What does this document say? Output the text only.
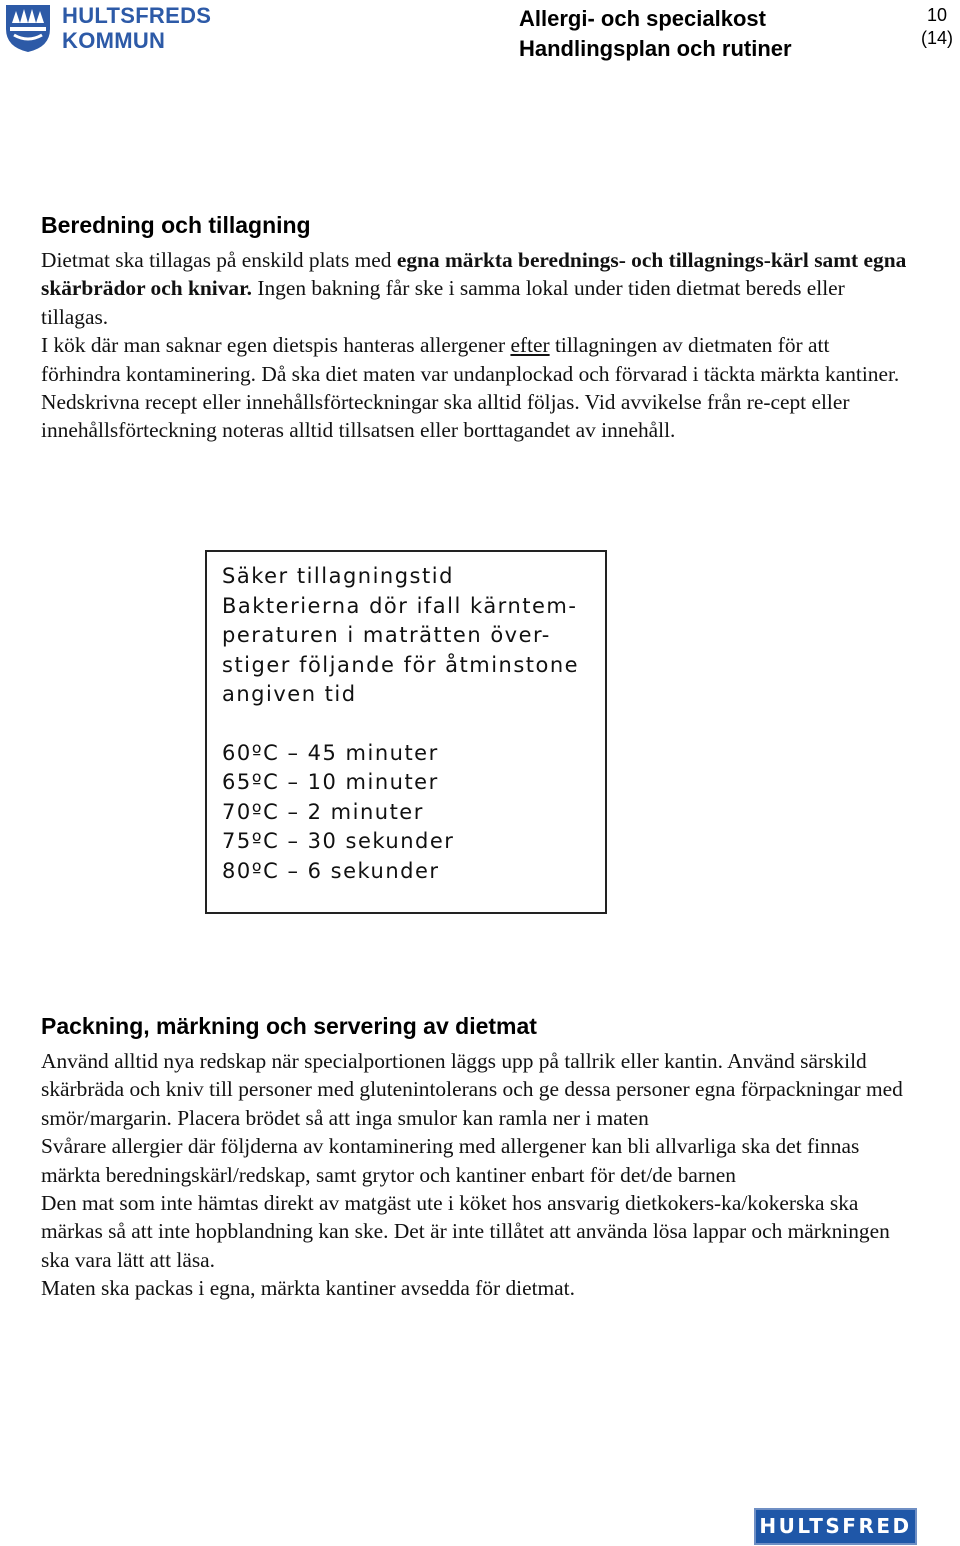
HULTSFREDS
KOMMUN
Allergi- och specialkost
Handlingsplan och rutiner
10
(14)
Beredning och tillagning

Dietmat ska tillagas på enskild plats med egna märkta berednings- och tillagnings-kärl samt egna skärbrädor och knivar. Ingen bakning får ske i samma lokal under tiden dietmat bereds eller tillagas.

I kök där man saknar egen dietspis hanteras allergener efter tillagningen av dietmaten för att förhindra kontaminering. Då ska diet maten var undanplockad och förvarad i täckta märkta kantiner.

Nedskrivna recept eller innehållsförteckningar ska alltid följas. Vid avvikelse från re-cept eller innehållsförteckning noteras alltid tillsatsen eller borttagandet av innehåll.

Säker tillagningstid
Bakterierna dör ifall kärntem-
peraturen i maträtten över-
stiger följande för åtminstone
angiven tid
60ºC – 45 minuter
65ºC – 10 minuter
70ºC – 2 minuter
75ºC – 30 sekunder
80ºC – 6 sekunder
Packning, märkning och servering av dietmat

Använd alltid nya redskap när specialportionen läggs upp på tallrik eller kantin. Använd särskild skärbräda och kniv till personer med glutenintolerans och ge dessa personer egna förpackningar med smör/margarin. Placera brödet så att inga smulor kan ramla ner i maten

Svårare allergier där följderna av kontaminering med allergener kan bli allvarliga ska det finnas märkta beredningskärl/redskap, samt grytor och kantiner enbart för det/de barnen

Den mat som inte hämtas direkt av matgäst ute i köket hos ansvarig dietkokers-ka/kokerska ska märkas så att inte hopblandning kan ske. Det är inte tillåtet att använda lösa lappar och märkningen ska vara lätt att läsa.

Maten ska packas i egna, märkta kantiner avsedda för dietmat.

HULTSFRED
